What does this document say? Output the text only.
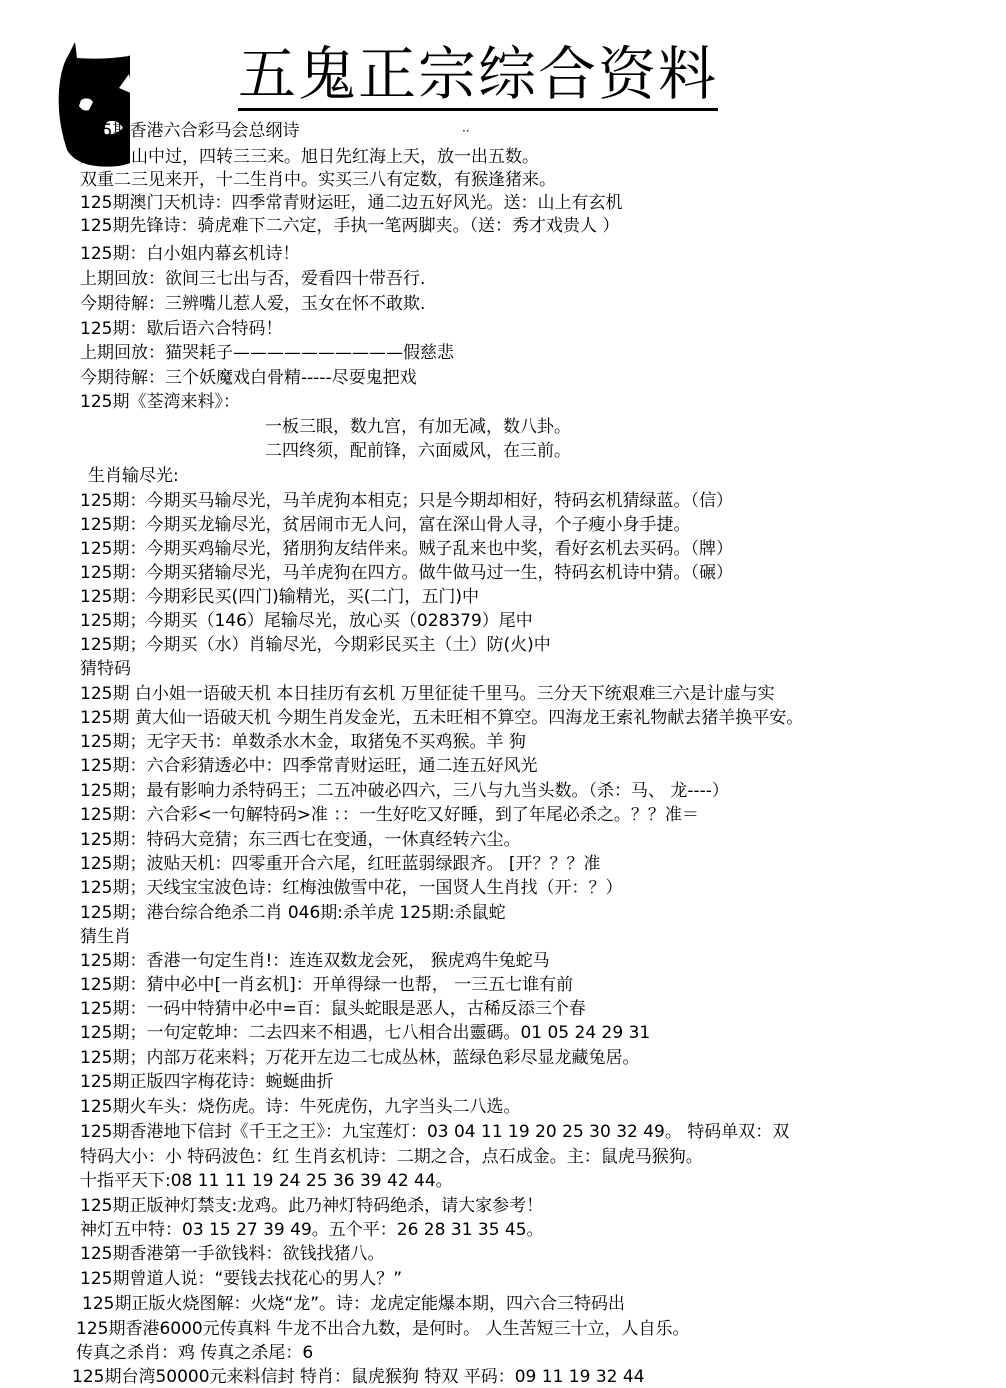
五鬼正宗综合资料
··
125期香港六合彩马会总纲诗
龙虎后山中过，四转三三来。旭日先红海上天，放一出五数。
双重二三见来开，十二生肖中。实买三八有定数，有猴逢猪来。
125期澳门天机诗：四季常青财运旺，通二边五好风光。送：山上有玄机
125期先锋诗：骑虎难下二六定，手执一笔两脚夹。（送：秀才戏贵人 ）
125期：白小姐内幕玄机诗！
上期回放：欲间三七出与否，爱看四十带吾行.
今期待解：三辨嘴儿惹人爱，玉女在怀不敢欺.
125期：歇后语六合特码！
上期回放：猫哭耗子——————————假慈悲
今期待解：三个妖魔戏白骨精-----尽耍鬼把戏
125期《荃湾来料》：
一板三眼，数九宫，有加无减，数八卦。
二四终须，配前锋，六面威风，在三前。
生肖输尽光:
125期：今期买马输尽光，马羊虎狗本相克；只是今期却相好，特码玄机猜绿蓝。（信）
125期：今期买龙输尽光，贫居闹市无人问，富在深山骨人寻，个子瘦小身手捷。
125期：今期买鸡输尽光，猪朋狗友结伴来。贼子乱来也中奖，看好玄机去买码。（牌）
125期：今期买猪输尽光，马羊虎狗在四方。做牛做马过一生，特码玄机诗中猜。（碾）
125期：今期彩民买(四门)输精光，买(二门，五门)中
125期；今期买（146）尾输尽光，放心买（028379）尾中
125期；今期买（水）肖输尽光，今期彩民买主（土）防(火)中
猜特码
125期 白小姐一语破天机 本日挂历有玄机 万里征徒千里马。三分天下统艰难三六是计虚与实
125期 黄大仙一语破天机 今期生肖发金光，五未旺相不算空。四海龙王索礼物献去猪羊换平安。
125期；无字天书：单数杀水木金，取猪兔不买鸡猴。羊 狗
125期：六合彩猜透必中：四季常青财运旺，通二连五好风光
125期；最有影响力杀特码王；二五冲破必四六，三八与九当头数。（杀：马、 龙----）
125期：六合彩<一句解特码>准 ：：一生好吃又好睡，到了年尾必杀之。？？准＝
125期：特码大竞猜；东三西七在变通，一休真经转六尘。
125期；波贴天机：四零重开合六尾，红旺蓝弱绿跟齐。 [开？？？准
125期；天线宝宝波色诗：红梅浊傲雪中花，一国贤人生肖找（开：？）
125期；港台综合绝杀二肖 046期:杀羊虎 125期:杀鼠蛇
猜生肖
125期：香港一句定生肖!：连连双数龙会死， 猴虎鸡牛兔蛇马
125期：猜中必中[一肖玄机]：开单得绿一也帮， 一三五七谁有前
125期：一码中特猜中必中=百：鼠头蛇眼是恶人，古稀反添三个春
125期；一句定乾坤：二去四来不相遇，七八相合出靈碼。01 05 24 29 31
125期；内部万花来料；万花开左边二七成丛林，蓝绿色彩尽显龙藏兔居。
125期正版四字梅花诗：蜿蜒曲折
125期火车头：烧伤虎。诗：牛死虎伤，九字当头二八选。
125期香港地下信封《千王之王》：九宝莲灯：03 04 11 19 20 25 30 32 49。 特码单双：双
特码大小：小 特码波色：红 生肖玄机诗：二期之合，点石成金。主：鼠虎马猴狗。
十指平天下:08 11 11 19 24 25 36 39 42 44。
125期正版神灯禁支:龙鸡。此乃神灯特码绝杀，请大家参考！
神灯五中特：03 15 27 39 49。五个平：26 28 31 35 45。
125期香港第一手欲钱料：欲钱找猪八。
125期曾道人说：“要钱去找花心的男人？”
125期正版火烧图解：火烧“龙”。诗：龙虎定能爆本期，四六合三特码出
125期香港6000元传真料 牛龙不出合九数，是何时。 人生苦短三十立，人自乐。
传真之杀肖：鸡 传真之杀尾：6
125期台湾50000元来料信封 特肖：鼠虎猴狗 特双 平码：09 11 19 32 44
